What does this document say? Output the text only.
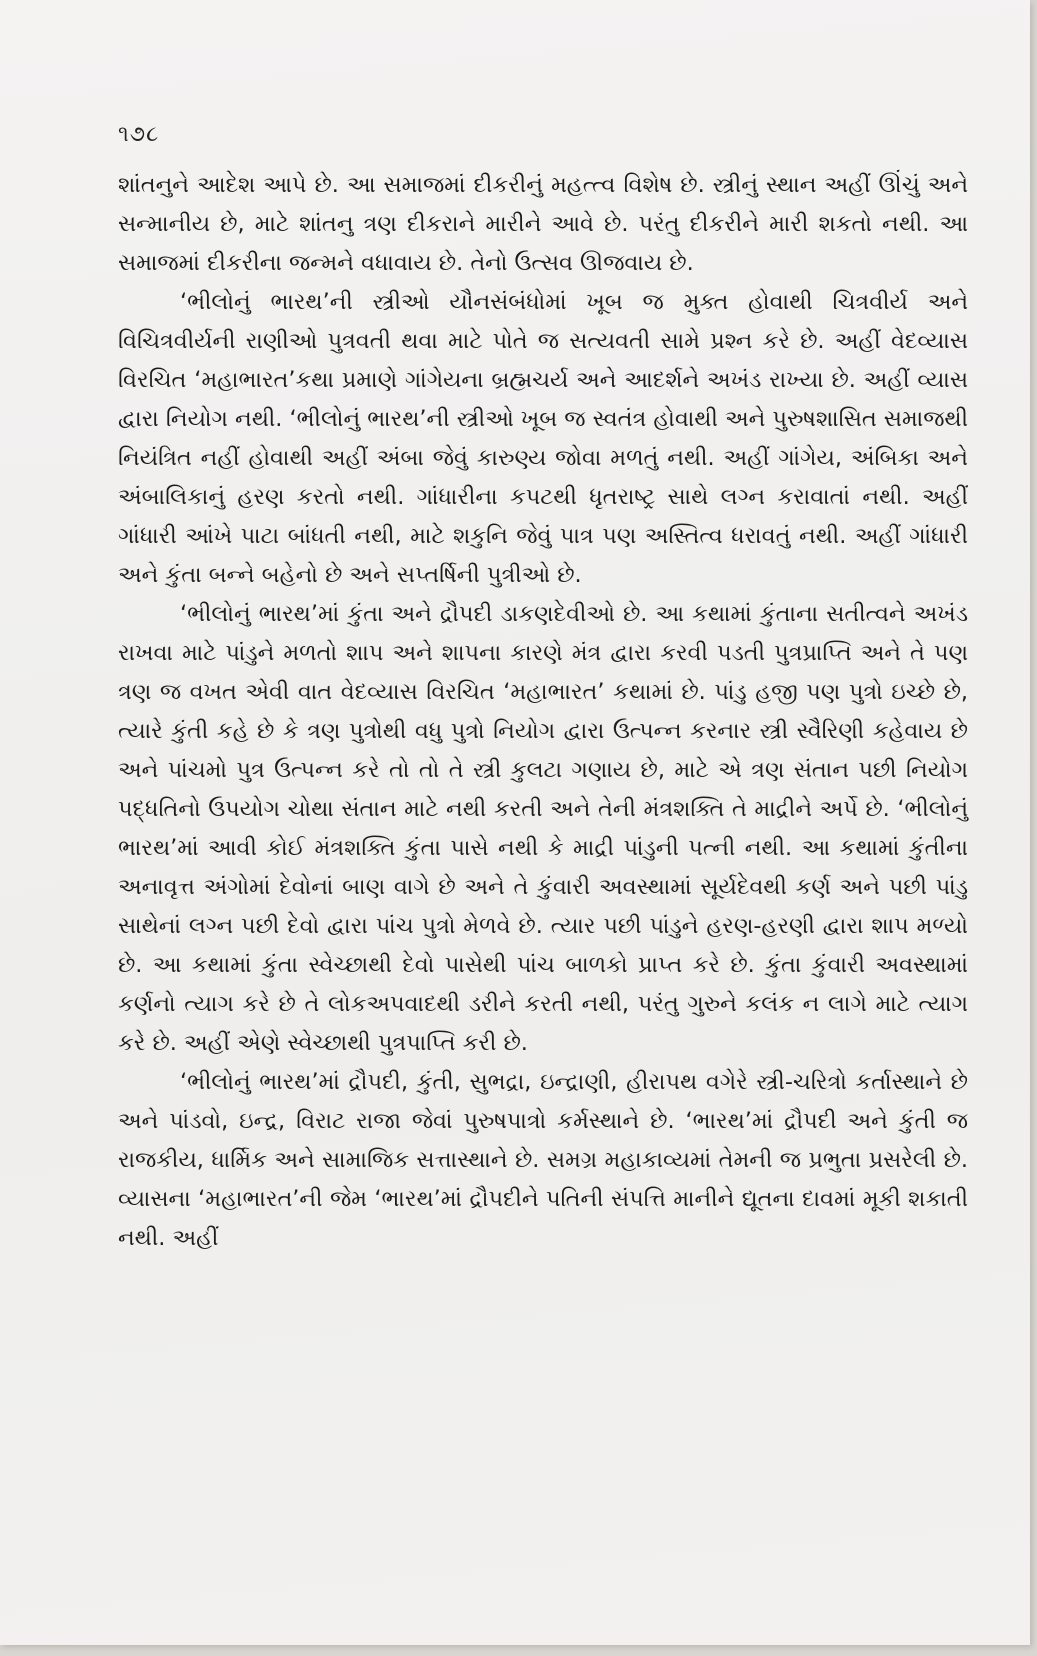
૧૭૮

શાંતનુને આદેશ આપે છે. આ સમાજમાં દીકરીનું મહત્ત્વ વિશેષ છે. સ્ત્રીનું સ્થાન અહીં ઊંચું અને સન્માનીય છે, માટે શાંતનુ ત્રણ દીકરાને મારીને આવે છે. પરંતુ દીકરીને મારી શકતો નથી. આ સમાજમાં દીકરીના જન્મને વધાવાય છે. તેનો ઉત્સવ ઊજવાય છે.

‘ભીલોનું ભારથ’ની સ્ત્રીઓ યૌનસંબંધોમાં ખૂબ જ મુક્ત હોવાથી ચિત્રવીર્ય અને વિચિત્રવીર્યની રાણીઓ પુત્રવતી થવા માટે પોતે જ સત્યવતી સામે પ્રશ્ન કરે છે. અહીં વેદવ્યાસ વિરચિત ‘મહાભારત’કથા પ્રમાણે ગાંગેયના બ્રહ્મચર્ય અને આદર્શને અખંડ રાખ્યા છે. અહીં વ્યાસ દ્વારા નિયોગ નથી. ‘ભીલોનું ભારથ’ની સ્ત્રીઓ ખૂબ જ સ્વતંત્ર હોવાથી અને પુરુષશાસિત સમાજથી નિયંત્રિત નહીં હોવાથી અહીં અંબા જેવું કારુણ્ય જોવા મળતું નથી. અહીં ગાંગેય, અંબિકા અને અંબાલિકાનું હરણ કરતો નથી. ગાંધારીના કપટથી ધૃતરાષ્ટ્ર સાથે લગ્ન કરાવાતાં નથી. અહીં ગાંધારી આંખે પાટા બાંધતી નથી, માટે શકુનિ જેવું પાત્ર પણ અસ્તિત્વ ધરાવતું નથી. અહીં ગાંધારી અને કુંતા બન્ને બહેનો છે અને સપ્તર્ષિની પુત્રીઓ છે.

‘ભીલોનું ભારથ’માં કુંતા અને દ્રૌપદી ડાકણદેવીઓ છે. આ કથામાં કુંતાના સતીત્વને અખંડ રાખવા માટે પાંડુને મળતો શાપ અને શાપના કારણે મંત્ર દ્વારા કરવી પડતી પુત્રપ્રાપ્તિ અને તે પણ ત્રણ જ વખત એવી વાત વેદવ્યાસ વિરચિત ‘મહાભારત’ કથામાં છે. પાંડુ હજી પણ પુત્રો ઇચ્છે છે, ત્યારે કુંતી કહે છે કે ત્રણ પુત્રોથી વધુ પુત્રો નિયોગ દ્વારા ઉત્પન્ન કરનાર સ્ત્રી સ્વૈરિણી કહેવાય છે અને પાંચમો પુત્ર ઉત્પન્ન કરે તો તો તે સ્ત્રી કુલટા ગણાય છે, માટે એ ત્રણ સંતાન પછી નિયોગ પદ્ધતિનો ઉપયોગ ચોથા સંતાન માટે નથી કરતી અને તેની મંત્રશક્તિ તે માદ્રીને અર્પે છે. ‘ભીલોનું ભારથ’માં આવી કોઈ મંત્રશક્તિ કુંતા પાસે નથી કે માદ્રી પાંડુની પત્ની નથી. આ કથામાં કુંતીના અનાવૃત્ત અંગોમાં દેવોનાં બાણ વાગે છે અને તે કુંવારી અવસ્થામાં સૂર્યદેવથી કર્ણ અને પછી પાંડુ સાથેનાં લગ્ન પછી દેવો દ્વારા પાંચ પુત્રો મેળવે છે. ત્યાર પછી પાંડુને હરણ-હરણી દ્વારા શાપ મળ્યો છે. આ કથામાં કુંતા સ્વેચ્છાથી દેવો પાસેથી પાંચ બાળકો પ્રાપ્ત કરે છે. કુંતા કુંવારી અવસ્થામાં કર્ણનો ત્યાગ કરે છે તે લોકઅપવાદથી ડરીને કરતી નથી, પરંતુ ગુરુને કલંક ન લાગે માટે ત્યાગ કરે છે. અહીં એણે સ્વેચ્છાથી પુત્રપાપ્તિ કરી છે.

‘ભીલોનું ભારથ’માં દ્રૌપદી, કુંતી, સુભદ્રા, ઇન્દ્રાણી, હીરાપથ વગેરે સ્ત્રી-ચરિત્રો કર્તાસ્થાને છે અને પાંડવો, ઇન્દ્ર, વિરાટ રાજા જેવાં પુરુષપાત્રો કર્મસ્થાને છે. ‘ભારથ’માં દ્રૌપદી અને કુંતી જ રાજકીય, ધાર્મિક અને સામાજિક સત્તાસ્થાને છે. સમગ્ર મહાકાવ્યમાં તેમની જ પ્રભુતા પ્રસરેલી છે. વ્યાસના ‘મહાભારત’ની જેમ ‘ભારથ’માં દ્રૌપદીને પતિની સંપત્તિ માનીને દ્યૂતના દાવમાં મૂકી શકાતી નથી. અહીં
